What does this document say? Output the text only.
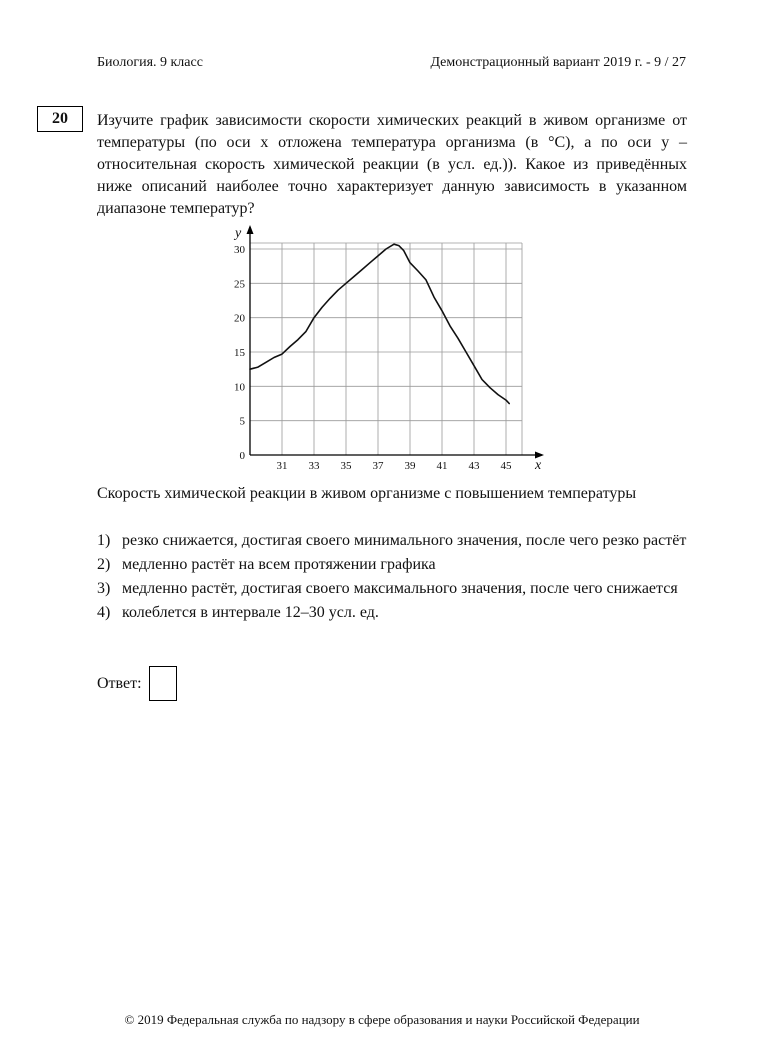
Биология. 9 класс	Демонстрационный вариант 2019 г. - 9 / 27
20	Изучите график зависимости скорости химических реакций в живом организме от температуры (по оси x отложена температура организма (в °C), а по оси y – относительная скорость химической реакции (в усл. ед.)). Какое из приведённых ниже описаний наиболее точно характеризует данную зависимость в указанном диапазоне температур?
31 33 35 37 39 41 43 45
0
5
10
15
20
25
30
x
y
Скорость химической реакции в живом организме с повышением температуры
1) резко снижается, достигая своего минимального значения, после чего резко растёт
2) медленно растёт на всем протяжении графика
3) медленно растёт, достигая своего максимального значения, после чего снижается
4) колеблется в интервале 12–30 усл. ед.
Ответ:
© 2019 Федеральная служба по надзору в сфере образования и науки Российской Федерации
